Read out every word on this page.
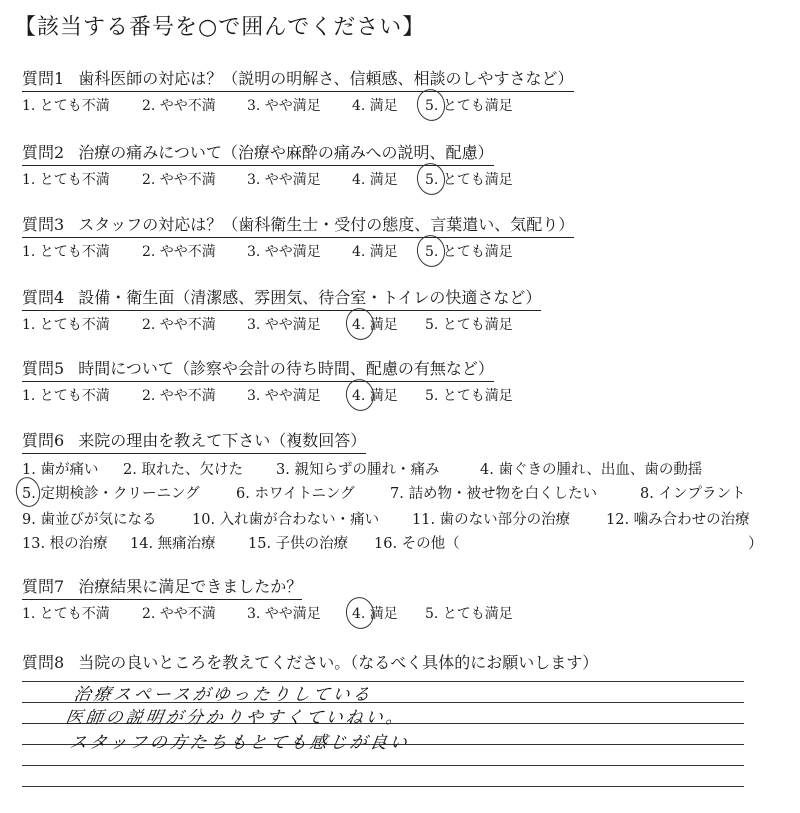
【該当する番号を○で囲んでください】
質問1 歯科医師の対応は？（説明の明解さ、信頼感、相談のしやすさなど）
1. とても不満 2. やや不満 3. やや満足 4. 満足 5. とても満足
質問2 治療の痛みについて（治療や麻酔の痛みへの説明、配慮）
1. とても不満 2. やや不満 3. やや満足 4. 満足 5. とても満足
質問3 スタッフの対応は？（歯科衛生士・受付の態度、言葉遣い、気配り）
1. とても不満 2. やや不満 3. やや満足 4. 満足 5. とても満足
質問4 設備・衛生面（清潔感、雰囲気、待合室・トイレの快適さなど）
1. とても不満 2. やや不満 3. やや満足 4. 満足 5. とても満足
質問5 時間について（診察や会計の待ち時間、配慮の有無など）
1. とても不満 2. やや不満 3. やや満足 4. 満足 5. とても満足
質問6 来院の理由を教えて下さい（複数回答）
1. 歯が痛い 2. 取れた、欠けた 3. 親知らずの腫れ・痛み	4. 歯ぐきの腫れ、出血、歯の動揺
5. 定期検診・クリーニング	6. ホワイトニング 7. 詰め物・被せ物を白くしたい	8. インプラント
9. 歯並びが気になる 10. 入れ歯が合わない・痛い 11. 歯のない部分の治療 12. 噛み合わせの治療
13. 根の治療 14. 無痛治療 15. 子供の治療 16. その他（	）
質問7 治療結果に満足できましたか？
1. とても不満 2. やや不満 3. やや満足 4. 満足 5. とても満足
質問8 当院の良いところを教えてください。（なるべく具体的にお願いします）
治療スペースがゆったりしている
医師の説明が分かりやすくていねい。
スタッフの方たちもとても感じが良い
